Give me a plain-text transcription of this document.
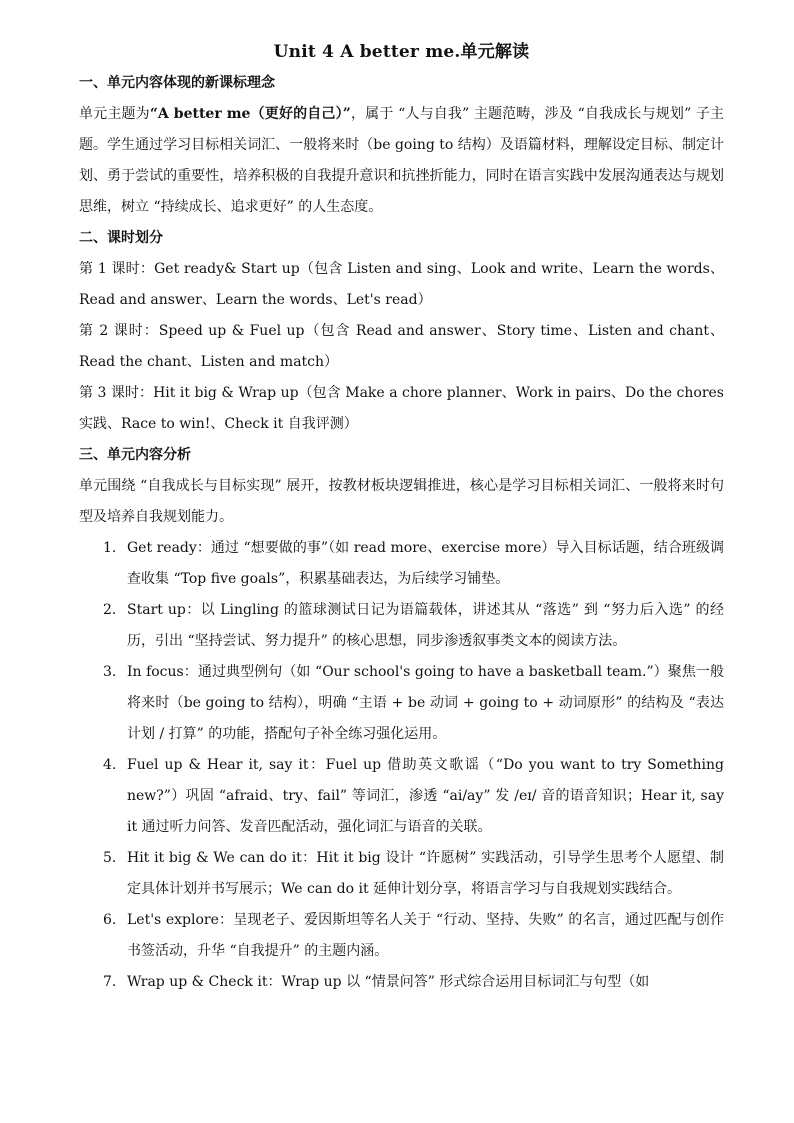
Unit 4 A better me.单元解读
一、单元内容体现的新课标理念

单元主题为“A better me（更好的自己）”，属于 “人与自我” 主题范畴，涉及 “自我成长与规划” 子主题。学生通过学习目标相关词汇、一般将来时（be going to 结构）及语篇材料，理解设定目标、制定计划、勇于尝试的重要性，培养积极的自我提升意识和抗挫折能力，同时在语言实践中发展沟通表达与规划思维，树立 “持续成长、追求更好” 的人生态度。

二、课时划分

第 1 课时：Get ready& Start up（包含 Listen and sing、Look and write、Learn the words、Read and answer、Learn the words、Let's read）

第 2 课时：Speed up & Fuel up（包含 Read and answer、Story time、Listen and chant、Read the chant、Listen and match）

第 3 课时：Hit it big & Wrap up（包含 Make a chore planner、Work in pairs、Do the chores 实践、Race to win!、Check it 自我评测）

三、单元内容分析

单元围绕 “自我成长与目标实现” 展开，按教材板块逻辑推进，核心是学习目标相关词汇、一般将来时句型及培养自我规划能力。

1. Get ready：通过 “想要做的事”（如 read more、exercise more）导入目标话题，结合班级调查收集 “Top five goals”，积累基础表达，为后续学习铺垫。
2. Start up：以 Lingling 的篮球测试日记为语篇载体，讲述其从 “落选” 到 “努力后入选” 的经历，引出 “坚持尝试、努力提升” 的核心思想，同步渗透叙事类文本的阅读方法。
3. In focus：通过典型例句（如 “Our school's going to have a basketball team.”）聚焦一般将来时（be going to 结构），明确 “主语 + be 动词 + going to + 动词原形” 的结构及 “表达计划 / 打算” 的功能，搭配句子补全练习强化运用。
4. Fuel up & Hear it, say it：Fuel up 借助英文歌谣（“Do you want to try Something new?”）巩固 “afraid、try、fail” 等词汇，渗透 “ai/ay” 发 /eɪ/ 音的语音知识；Hear it, say it 通过听力问答、发音匹配活动，强化词汇与语音的关联。
5. Hit it big & We can do it：Hit it big 设计 “许愿树” 实践活动，引导学生思考个人愿望、制定具体计划并书写展示；We can do it 延伸计划分享，将语言学习与自我规划实践结合。
6. Let's explore：呈现老子、爱因斯坦等名人关于 “行动、坚持、失败” 的名言，通过匹配与创作书签活动，升华 “自我提升” 的主题内涵。
7. Wrap up & Check it：Wrap up 以 “情景问答” 形式综合运用目标词汇与句型（如
